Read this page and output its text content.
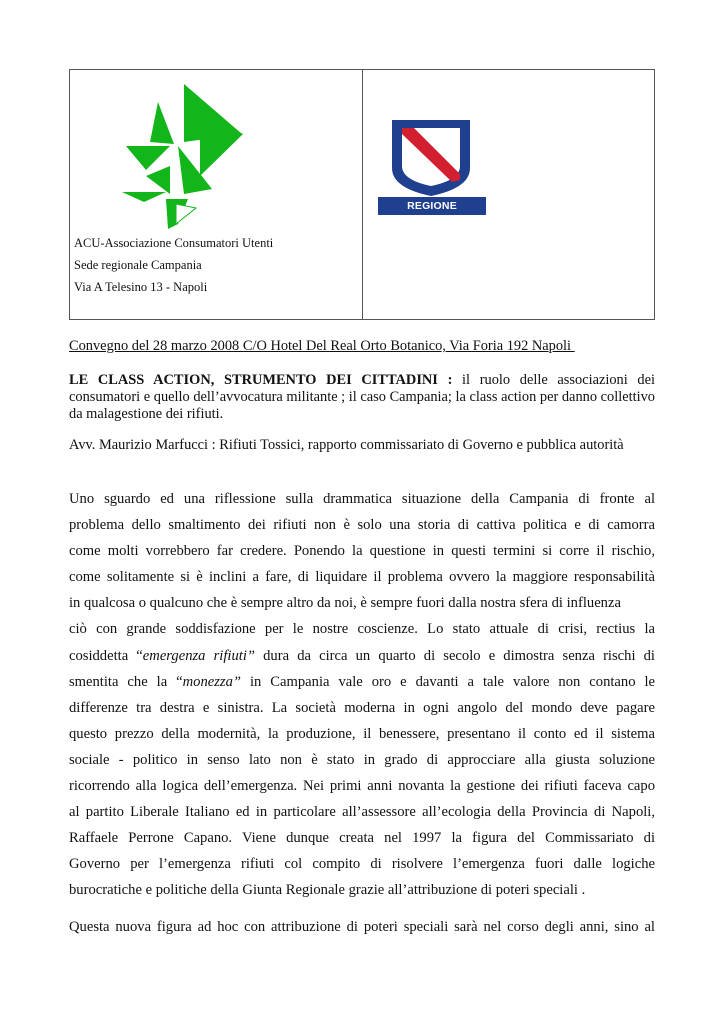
ACU-Associazione Consumatori Utenti
Sede regionale Campania
Via A Telesino 13 - Napoli
REGIONE CAMPANIA
Convegno del 28 marzo 2008 C/O Hotel Del Real Orto Botanico, Via Foria 192 Napoli
LE CLASS ACTION, STRUMENTO DEI CITTADINI : il ruolo delle associazioni dei consumatori e quello dell’avvocatura militante ; il caso Campania; la class action per danno collettivo da malagestione dei rifiuti.
Avv. Maurizio Marfucci : Rifiuti Tossici, rapporto commissariato di Governo e pubblica autorità
Uno sguardo ed una riflessione sulla drammatica situazione della Campania di fronte al
problema dello smaltimento dei rifiuti non è solo una storia di cattiva politica e di camorra
come molti vorrebbero far credere. Ponendo la questione in questi termini si corre il rischio,
come solitamente si è inclini a fare, di liquidare il problema ovvero la maggiore responsabilità
in qualcosa o qualcuno che è sempre altro da noi, è sempre fuori dalla nostra sfera di influenza
ciò con grande soddisfazione per le nostre coscienze. Lo stato attuale di crisi, rectius la
cosiddetta “emergenza rifiuti” dura da circa un quarto di secolo e dimostra senza rischi di
smentita che la “monezza” in Campania vale oro e davanti a tale valore non contano le
differenze tra destra e sinistra. La società moderna in ogni angolo del mondo deve pagare
questo prezzo della modernità, la produzione, il benessere, presentano il conto ed il sistema
sociale - politico in senso lato non è stato in grado di approcciare alla giusta soluzione
ricorrendo alla logica dell’emergenza. Nei primi anni novanta la gestione dei rifiuti faceva capo
al partito Liberale Italiano ed in particolare all’assessore all’ecologia della Provincia di Napoli,
Raffaele Perrone Capano. Viene dunque creata nel 1997 la figura del Commissariato di
Governo per l’emergenza rifiuti col compito di risolvere l’emergenza fuori dalle logiche
burocratiche e politiche della Giunta Regionale grazie all’attribuzione di poteri speciali .
Questa nuova figura ad hoc con attribuzione di poteri speciali sarà nel corso degli anni, sino al
